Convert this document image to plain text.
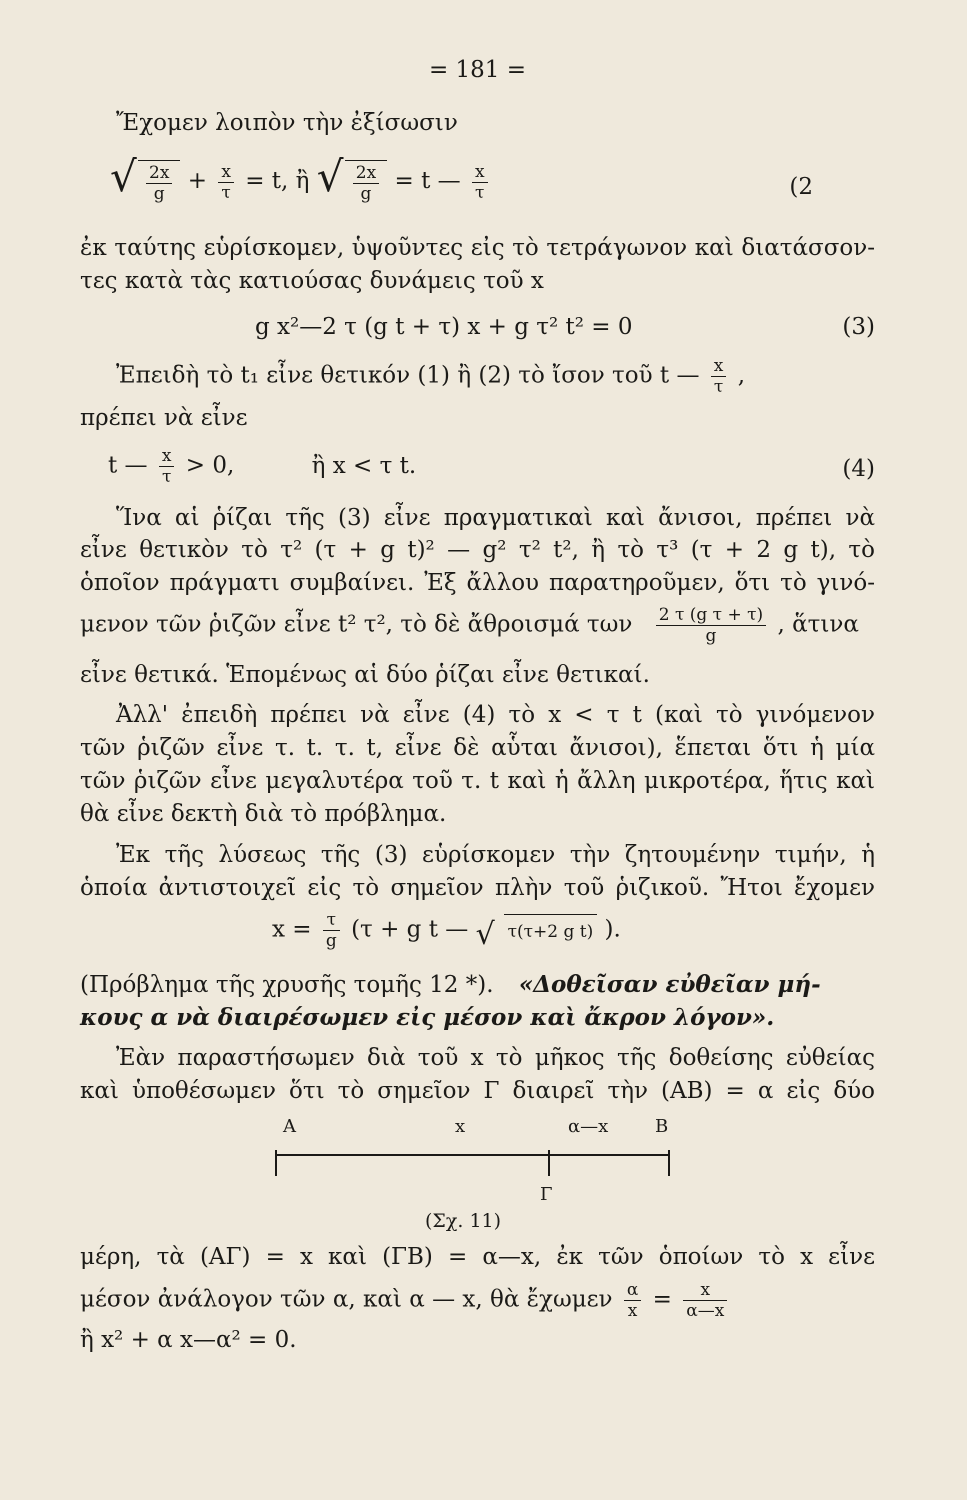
= 181 =
Ἔχομεν λοιπὸν τὴν ἐξίσωσιν
√ $\frac{2x}{g} + \frac{x}{\tau} = t$, ἢ √ $\frac{2x}{g} = t$ — $\frac{x}{\tau}$	(2
ἐκ ταύτης εὑρίσκομεν, ὑψοῦντες εἰς τὸ τετράγωνον καὶ διατάσσον-
τες κατὰ τὰς κατιούσας δυνάμεις τοῦ x
g x²—2 τ (g t + τ) x + g τ² t² = 0	(3)
Ἐπειδὴ τὸ t₁ εἶνε θετικόν (1) ἢ (2) τὸ ἴσον τοῦ t — $\frac{x}{\tau}$ ,
πρέπει νὰ εἶνε
t — $\frac{x}{\tau} > 0$,	ἢ x < τ t.	(4)
Ἵνα αἱ ῥίζαι τῆς (3) εἶνε πραγματικαὶ καὶ ἄνισοι, πρέπει νὰ
εἶνε θετικὸν τὸ τ² (τ + g t)² — g² τ² t², ἢ τὸ τ³ (τ + 2 g t), τὸ
ὁποῖον πράγματι συμβαίνει. Ἐξ ἄλλου παρατηροῦμεν, ὅτι τὸ γινό-
μενον τῶν ῥιζῶν εἶνε t² τ², τὸ δὲ ἄθροισμά των $\frac{\text{2 τ (g τ + τ)}}{g}$ , ἅτινα
εἶνε θετικά. Ἑπομένως αἱ δύο ῥίζαι εἶνε θετικαί.
Ἀλλ' ἐπειδὴ πρέπει νὰ εἶνε (4) τὸ x < τ t (καὶ τὸ γινόμενον
τῶν ῥιζῶν εἶνε τ. t. τ. t, εἶνε δὲ αὗται ἄνισοι), ἕπεται ὅτι ἡ μία
τῶν ῥιζῶν εἶνε μεγαλυτέρα τοῦ τ. t καὶ ἡ ἄλλη μικροτέρα, ἥτις καὶ
θὰ εἶνε δεκτὴ διὰ τὸ πρόβλημα.
Ἐκ τῆς λύσεως τῆς (3) εὑρίσκομεν τὴν ζητουμένην τιμήν, ἡ
ὁποία ἀντιστοιχεῖ εἰς τὸ σημεῖον πλὴν τοῦ ῥιζικοῦ. Ἤτοι ἔχομεν
$x = \frac{\tau}{g} (\tau + g$ t — √ τ(τ+2 g t) ).
(Πρόβλημα τῆς χρυσῆς τομῆς 12 *). «Δοθεῖσαν εὐθεῖαν μή-
κους α νὰ διαιρέσωμεν εἰς μέσον καὶ ἄκρον λόγον».
Ἐὰν παραστήσωμεν διὰ τοῦ x τὸ μῆκος τῆς δοθείσης εὐθείας
καὶ ὑποθέσωμεν ὅτι τὸ σημεῖον Γ διαιρεῖ τὴν (ΑΒ) = α εἰς δύο
A	x	α—x	B
Γ
(Σχ. 11)
μέρη, τὰ (ΑΓ) = x καὶ (ΓΒ) = α—x, ἐκ τῶν ὁποίων τὸ x εἶνε
μέσον ἀνάλογον τῶν α, καὶ α — x, θὰ ἔχωμεν $\frac{\alpha}{x} = \frac{x}{\alpha—x}$
ἢ x² + α x—α² = 0.
